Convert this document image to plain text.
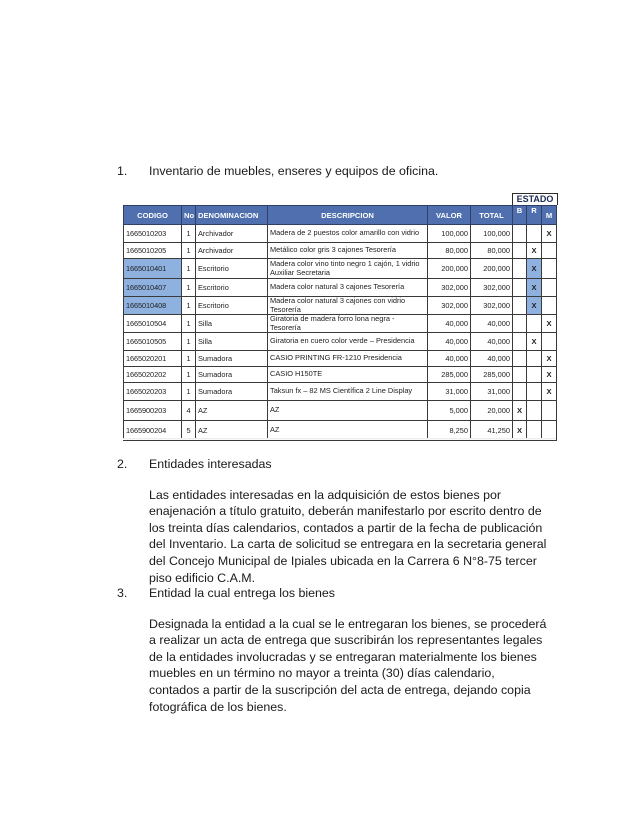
1.	Inventario de muebles, enseres y equipos de oficina.
ESTADO
CODIGO	No	DENOMINACION	DESCRIPCION	VALOR	TOTAL	B	R	M
1665010203	1	Archivador	Madera de 2 puestos color amarillo con vidrio	100,000	100,000			X
1665010205	1	Archivador	Metálico color gris 3 cajones Tesorería	80,000	80,000		X	
1665010401	1	Escritorio	Madera color vino tinto negro 1 cajón, 1 vidrio Auxiliar Secretaria	200,000	200,000		X	
1665010407	1	Escritorio	Madera color natural 3 cajones Tesorería	302,000	302,000		X	
1665010408	1	Escritorio	Madera color natural 3 cajones con vidrio Tesorería	302,000	302,000		X	
1665010504	1	Silla	Giratoria de madera forro lona negra - Tesorería	40,000	40,000			X
1665010505	1	Silla	Giratoria en cuero color verde – Presidencia	40,000	40,000		X	
1665020201	1	Sumadora	CASIO PRINTING FR-1210 Presidencia	40,000	40,000			X
1665020202	1	Sumadora	CASIO H150TE	285,000	285,000			X
1665020203	1	Sumadora	Taksun fx – 82 MS Científica 2 Line Display	31,000	31,000			X
1665900203	4	AZ	AZ	5,000	20,000	X		
1665900204	5	AZ	AZ	8,250	41,250	X		
2.	Entidades interesadas
Las entidades interesadas en la adquisición de estos bienes por enajenación a título gratuito, deberán manifestarlo por escrito dentro de los treinta días calendarios, contados a partir de la fecha de publicación del Inventario. La carta de solicitud se entregara en la secretaria general del Concejo Municipal de Ipiales ubicada en la Carrera 6 N°8-75 tercer piso edificio C.A.M.
3.	Entidad la cual entrega los bienes
Designada la entidad a la cual se le entregaran los bienes, se procederá a realizar un acta de entrega que suscribirán los representantes legales de la entidades involucradas y se entregaran materialmente los bienes muebles en un término no mayor a treinta (30) días calendario, contados a partir de la suscripción del acta de entrega, dejando copia fotográfica de los bienes.
